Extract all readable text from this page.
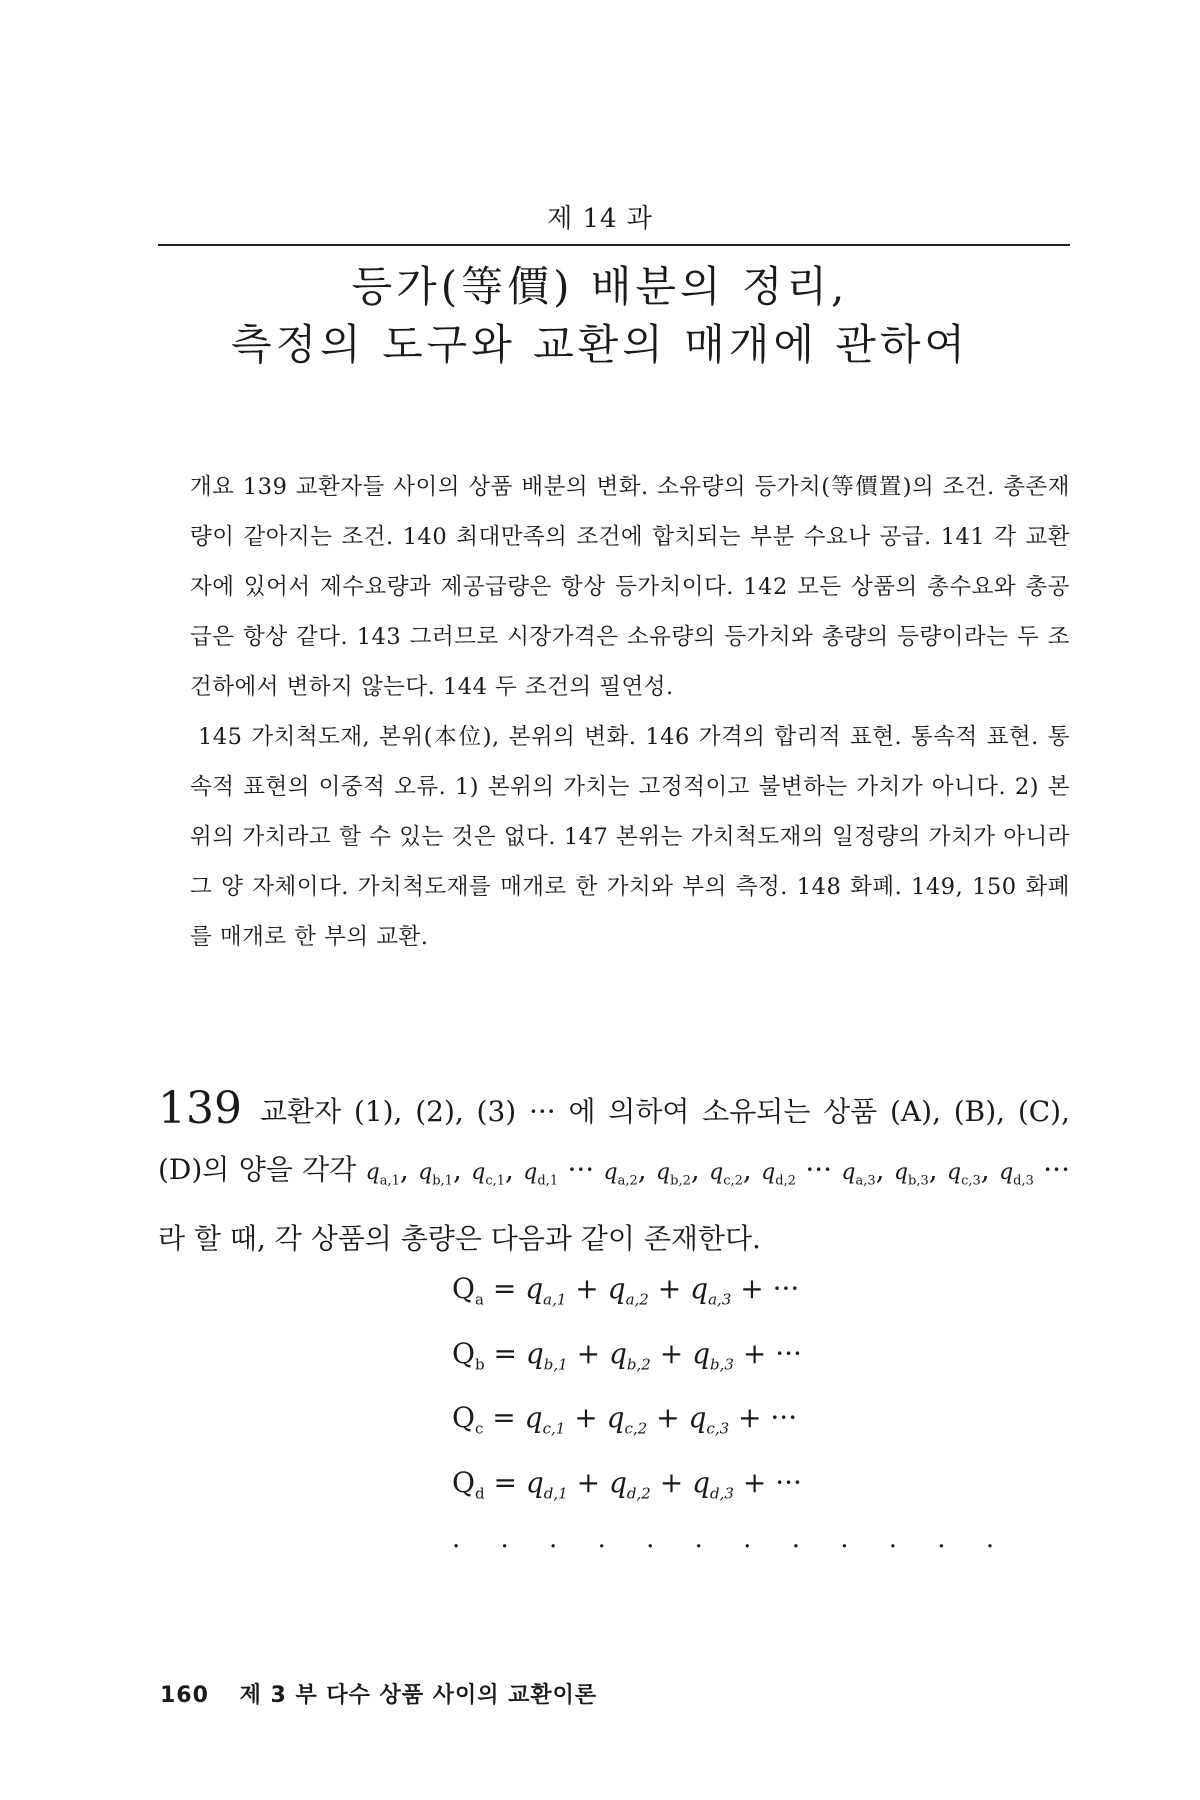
제 14 과
등가(等價) 배분의 정리,
측정의 도구와 교환의 매개에 관하여

개요 139 교환자들 사이의 상품 배분의 변화. 소유량의 등가치(等價置)의 조건. 총존재량이 같아지는 조건. 140 최대만족의 조건에 합치되는 부분 수요나 공급. 141 각 교환자에 있어서 제수요량과 제공급량은 항상 등가치이다. 142 모든 상품의 총수요와 총공급은 항상 같다. 143 그러므로 시장가격은 소유량의 등가치와 총량의 등량이라는 두 조건하에서 변하지 않는다. 144 두 조건의 필연성.

145 가치척도재, 본위(本位), 본위의 변화. 146 가격의 합리적 표현. 통속적 표현. 통속적 표현의 이중적 오류. 1) 본위의 가치는 고정적이고 불변하는 가치가 아니다. 2) 본위의 가치라고 할 수 있는 것은 없다. 147 본위는 가치척도재의 일정량의 가치가 아니라 그 양 자체이다. 가치척도재를 매개로 한 가치와 부의 측정. 148 화폐. 149, 150 화폐를 매개로 한 부의 교환.

139 교환자 (1), (2), (3) ··· 에 의하여 소유되는 상품 (A), (B), (C), (D)의 양을 각각 $q_{a,1}$, $q_{b,1}$, $q_{c,1}$, $q_{d,1}$ ··· $q_{a,2}$, $q_{b,2}$, $q_{c,2}$, $q_{d,2}$ ··· $q_{a,3}$, $q_{b,3}$, $q_{c,3}$, $q_{d,3}$ ··· 라 할 때, 각 상품의 총량은 다음과 같이 존재한다.

$Q_a = q_{a,1} + q_{a,2} + q_{a,3}$ + ···
$Q_b = q_{b,1} + q_{b,2} + q_{b,3}$ + ···
$Q_c = q_{c,1} + q_{c,2} + q_{c,3}$ + ···
$Q_d = q_{d,1} + q_{d,2} + q_{d,3}$ + ···
· · · · · · · · · · · ·
160 제 3 부 다수 상품 사이의 교환이론
